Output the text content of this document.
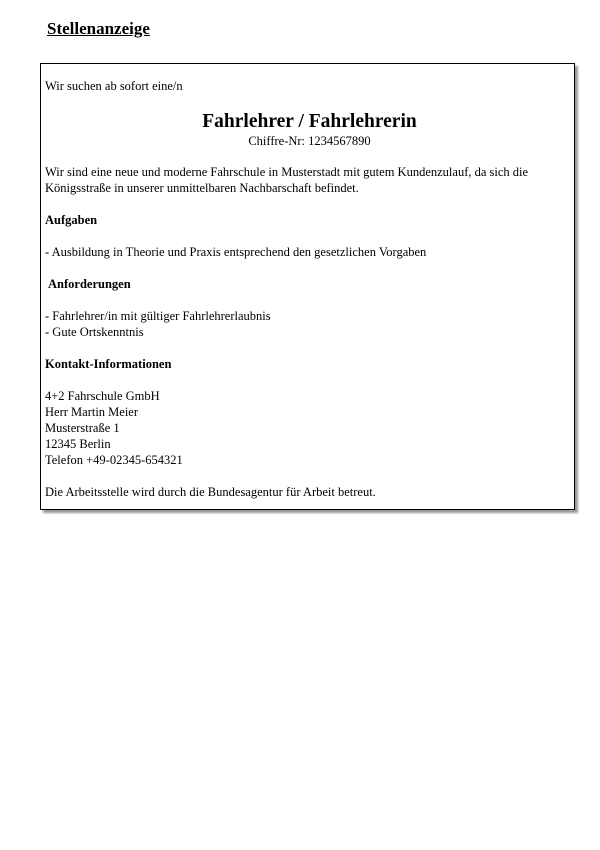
Stellenanzeige

Wir suchen ab sofort eine/n

Fahrlehrer / Fahrlehrerin

Chiffre-Nr: 1234567890

Wir sind eine neue und moderne Fahrschule in Musterstadt mit gutem Kundenzulauf, da sich die Königsstraße in unserer unmittelbaren Nachbarschaft befindet.

Aufgaben

- Ausbildung in Theorie und Praxis entsprechend den gesetzlichen Vorgaben

Anforderungen

- Fahrlehrer/in mit gültiger Fahrlehrerlaubnis
- Gute Ortskenntnis

Kontakt-Informationen

4+2 Fahrschule GmbH
Herr Martin Meier
Musterstraße 1
12345 Berlin
Telefon +49-02345-654321

Die Arbeitsstelle wird durch die Bundesagentur für Arbeit betreut.
